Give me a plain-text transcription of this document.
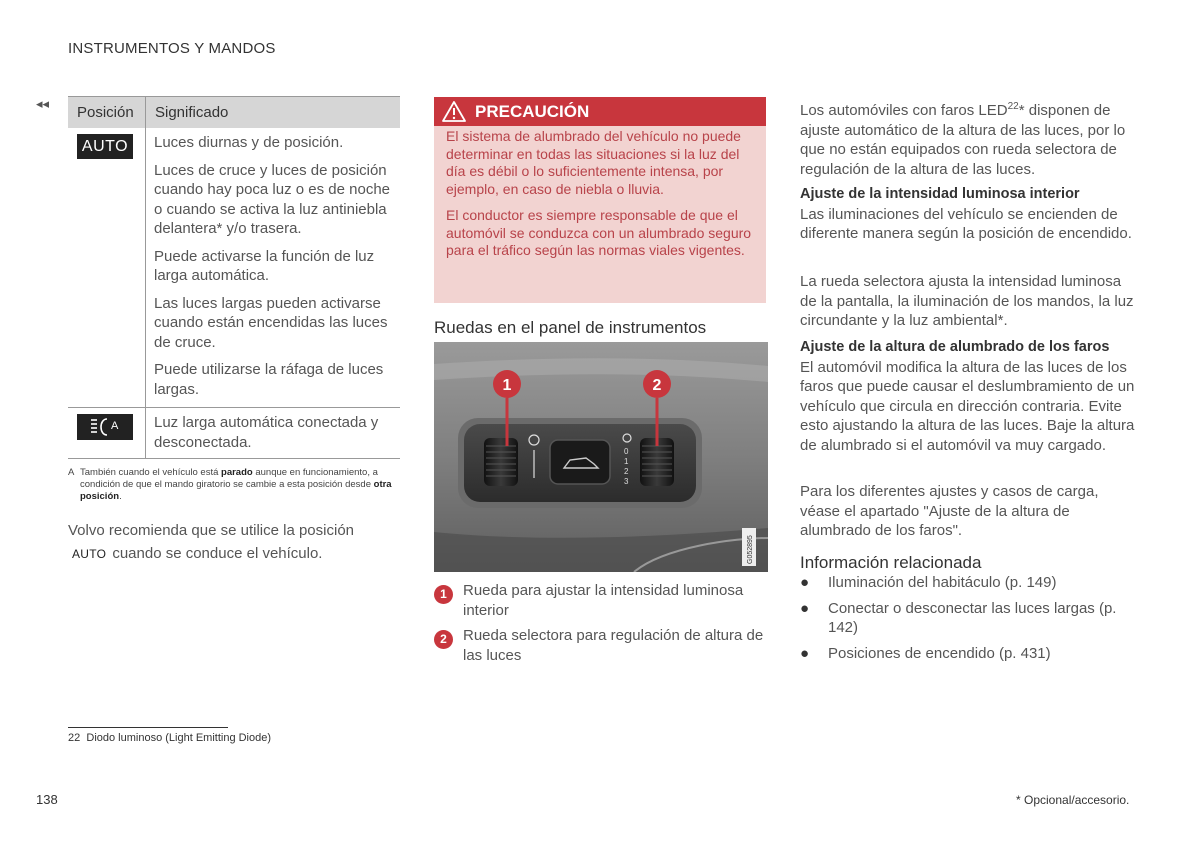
INSTRUMENTOS Y MANDOS
◂◂
Posición	Significado
AUTO	Luces diurnas y de posición.

Luces de cruce y luces de posición cuando hay poca luz o es de noche o cuando se activa la luz antiniebla delantera* y/o trasera.

Puede activarse la función de luz larga automática.

Las luces largas pueden activarse cuando están encendidas las luces de cruce.

Puede utilizarse la ráfaga de luces largas.

A	Luz larga automática conectada y desconectada.
A También cuando el vehículo está parado aunque en funcionamiento, a condición de que el mando giratorio se cambie a esta posición desde otra posición.
Volvo recomienda que se utilice la posición
AUTO cuando se conduce el vehículo.
PRECAUCIÓN

El sistema de alumbrado del vehículo no puede determinar en todas las situaciones si la luz del día es débil o lo suficientemente intensa, por ejemplo, en caso de niebla o lluvia.

El conductor es siempre responsable de que el automóvil se conduzca con un alumbrado seguro para el tráfico según las normas viales vigentes.

Ruedas en el panel de instrumentos
0
1
2
3
1	2
G052895
1	Rueda para ajustar la intensidad luminosa interior
2	Rueda selectora para regulación de altura de las luces

Los automóviles con faros LED$^{22}$* disponen de ajuste automático de la altura de las luces, por lo que no están equipados con rueda selectora de regulación de la altura de las luces.

Ajuste de la intensidad luminosa interior

Las iluminaciones del vehículo se encienden de diferente manera según la posición de encendido.

La rueda selectora ajusta la intensidad luminosa de la pantalla, la iluminación de los mandos, la luz circundante y la luz ambiental*.
Ajuste de la altura de alumbrado de los faros

El automóvil modifica la altura de las luces de los faros que puede causar el deslumbramiento de un vehículo que circula en dirección contraria. Evite esto ajustando la altura de las luces. Baje la altura de alumbrado si el automóvil va muy cargado.

Para los diferentes ajustes y casos de carga, véase el apartado "Ajuste de la altura de alumbrado de los faros".
Información relacionada
● Iluminación del habitáculo (p. 149)
● Conectar o desconectar las luces largas (p. 142)
● Posiciones de encendido (p. 431)
22 Diodo luminoso (Light Emitting Diode)
138	* Opcional/accesorio.
